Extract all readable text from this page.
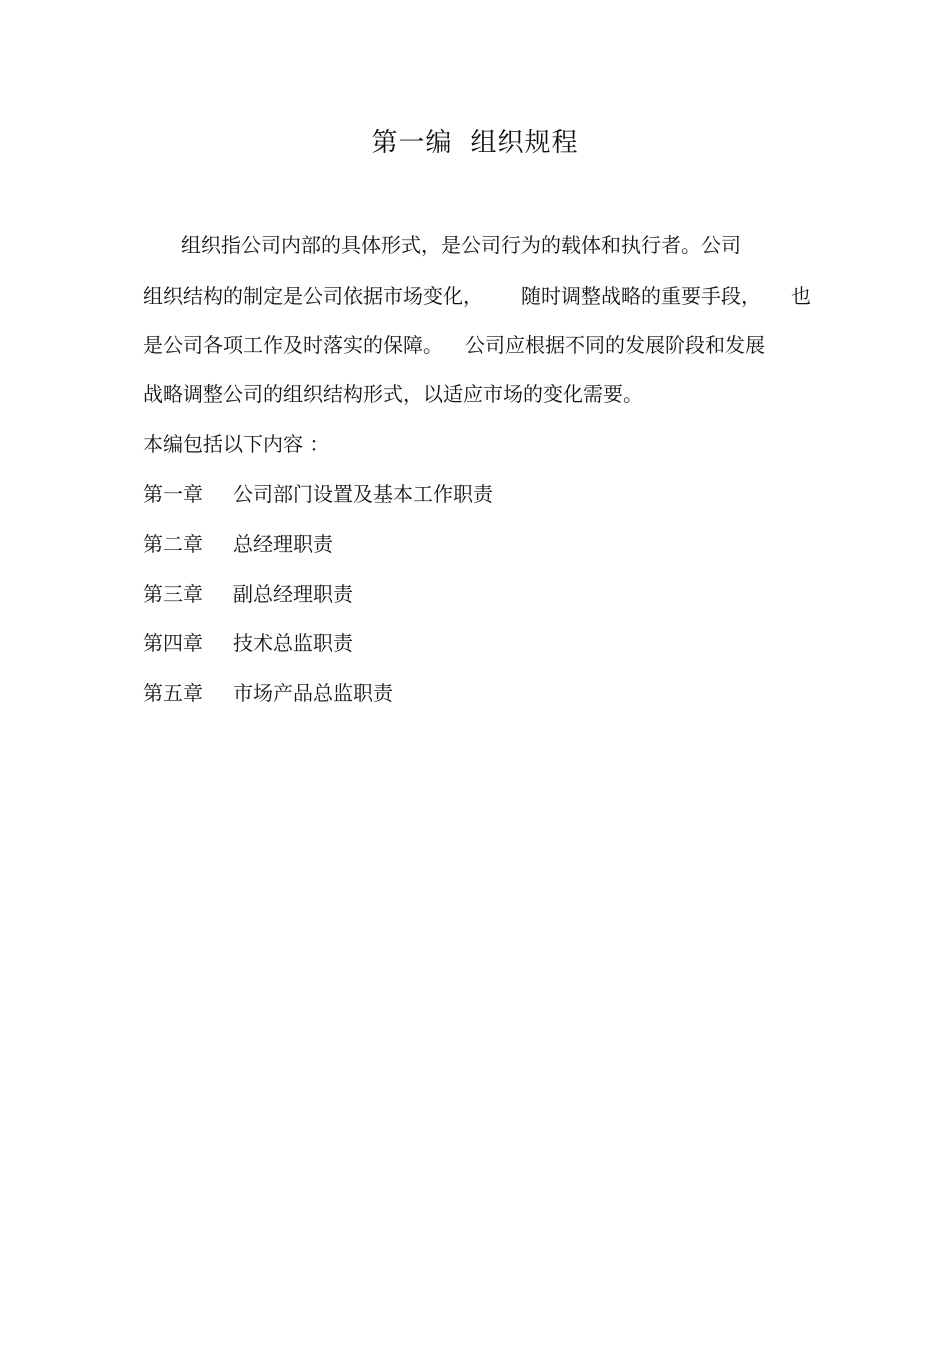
第一编 组织规程
组织指公司内部的具体形式，是公司行为的载体和执行者。公司
组织结构的制定是公司依据市场变化， 随时调整战略的重要手段， 也
是公司各项工作及时落实的保障。 公司应根据不同的发展阶段和发展
战略调整公司的组织结构形式，以适应市场的变化需要。
本编包括以下内容 ：
第一章 公司部门设置及基本工作职责
第二章 总经理职责
第三章 副总经理职责
第四章 技术总监职责
第五章 市场产品总监职责
